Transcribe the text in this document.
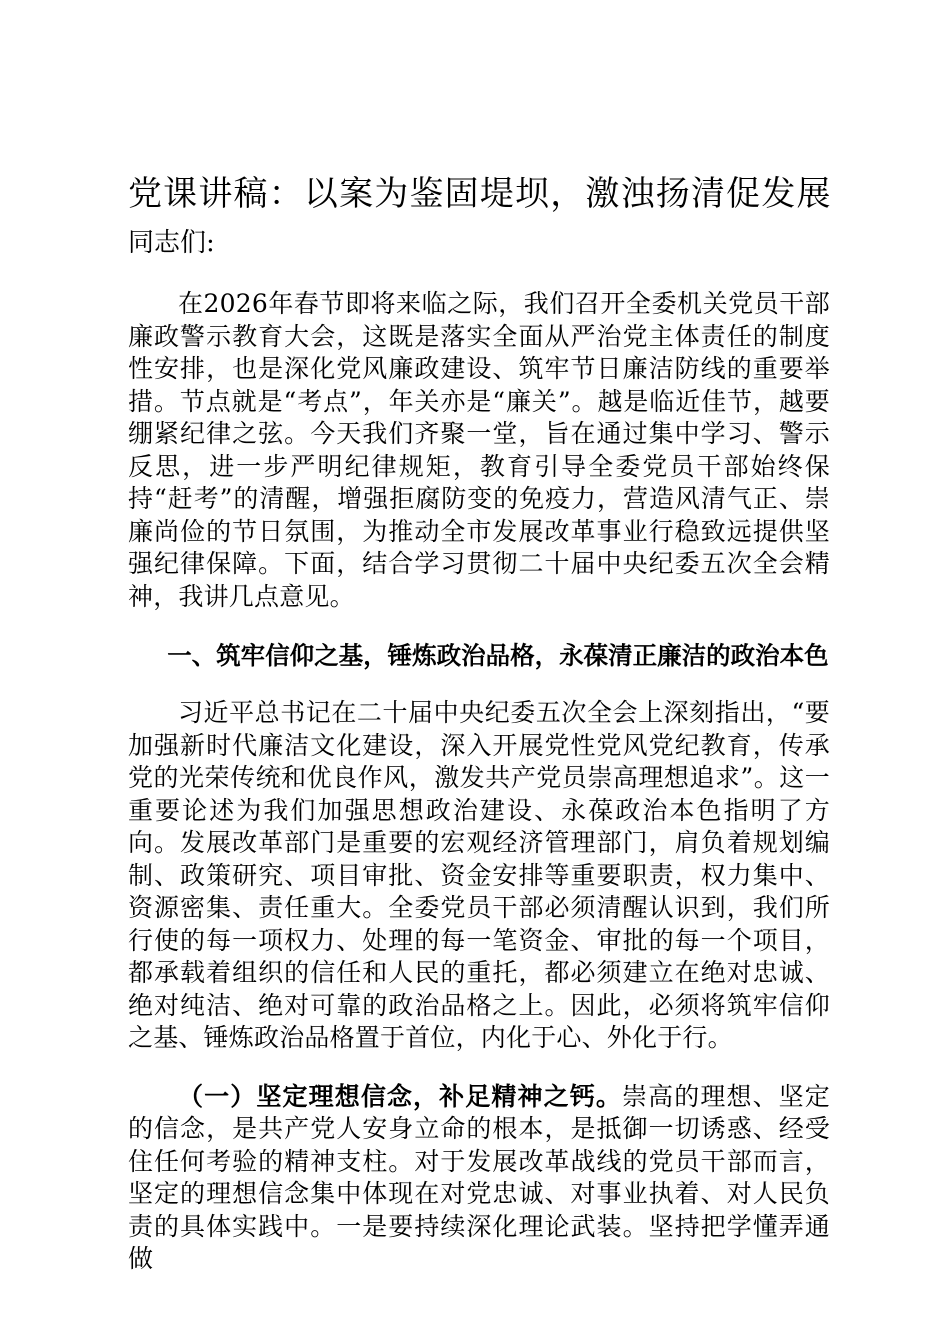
党课讲稿：以案为鉴固堤坝，激浊扬清促发展

同志们:

在2026年春节即将来临之际，我们召开全委机关党员干部廉政警示教育大会，这既是落实全面从严治党主体责任的制度性安排，也是深化党风廉政建设、筑牢节日廉洁防线的重要举措。节点就是“考点”，年关亦是“廉关”。越是临近佳节，越要绷紧纪律之弦。今天我们齐聚一堂，旨在通过集中学习、警示反思，进一步严明纪律规矩，教育引导全委党员干部始终保持“赶考”的清醒，增强拒腐防变的免疫力，营造风清气正、崇廉尚俭的节日氛围，为推动全市发展改革事业行稳致远提供坚强纪律保障。下面，结合学习贯彻二十届中央纪委五次全会精神，我讲几点意见。

一、筑牢信仰之基，锤炼政治品格，永葆清正廉洁的政治本色

习近平总书记在二十届中央纪委五次全会上深刻指出，“要加强新时代廉洁文化建设，深入开展党性党风党纪教育，传承党的光荣传统和优良作风，激发共产党员崇高理想追求”。这一重要论述为我们加强思想政治建设、永葆政治本色指明了方向。发展改革部门是重要的宏观经济管理部门，肩负着规划编制、政策研究、项目审批、资金安排等重要职责，权力集中、资源密集、责任重大。全委党员干部必须清醒认识到，我们所行使的每一项权力、处理的每一笔资金、审批的每一个项目，都承载着组织的信任和人民的重托，都必须建立在绝对忠诚、绝对纯洁、绝对可靠的政治品格之上。因此，必须将筑牢信仰之基、锤炼政治品格置于首位，内化于心、外化于行。

（一）坚定理想信念，补足精神之钙。崇高的理想、坚定的信念，是共产党人安身立命的根本，是抵御一切诱惑、经受住任何考验的精神支柱。对于发展改革战线的党员干部而言，坚定的理想信念集中体现在对党忠诚、对事业执着、对人民负责的具体实践中。一是要持续深化理论武装。坚持把学懂弄通做
